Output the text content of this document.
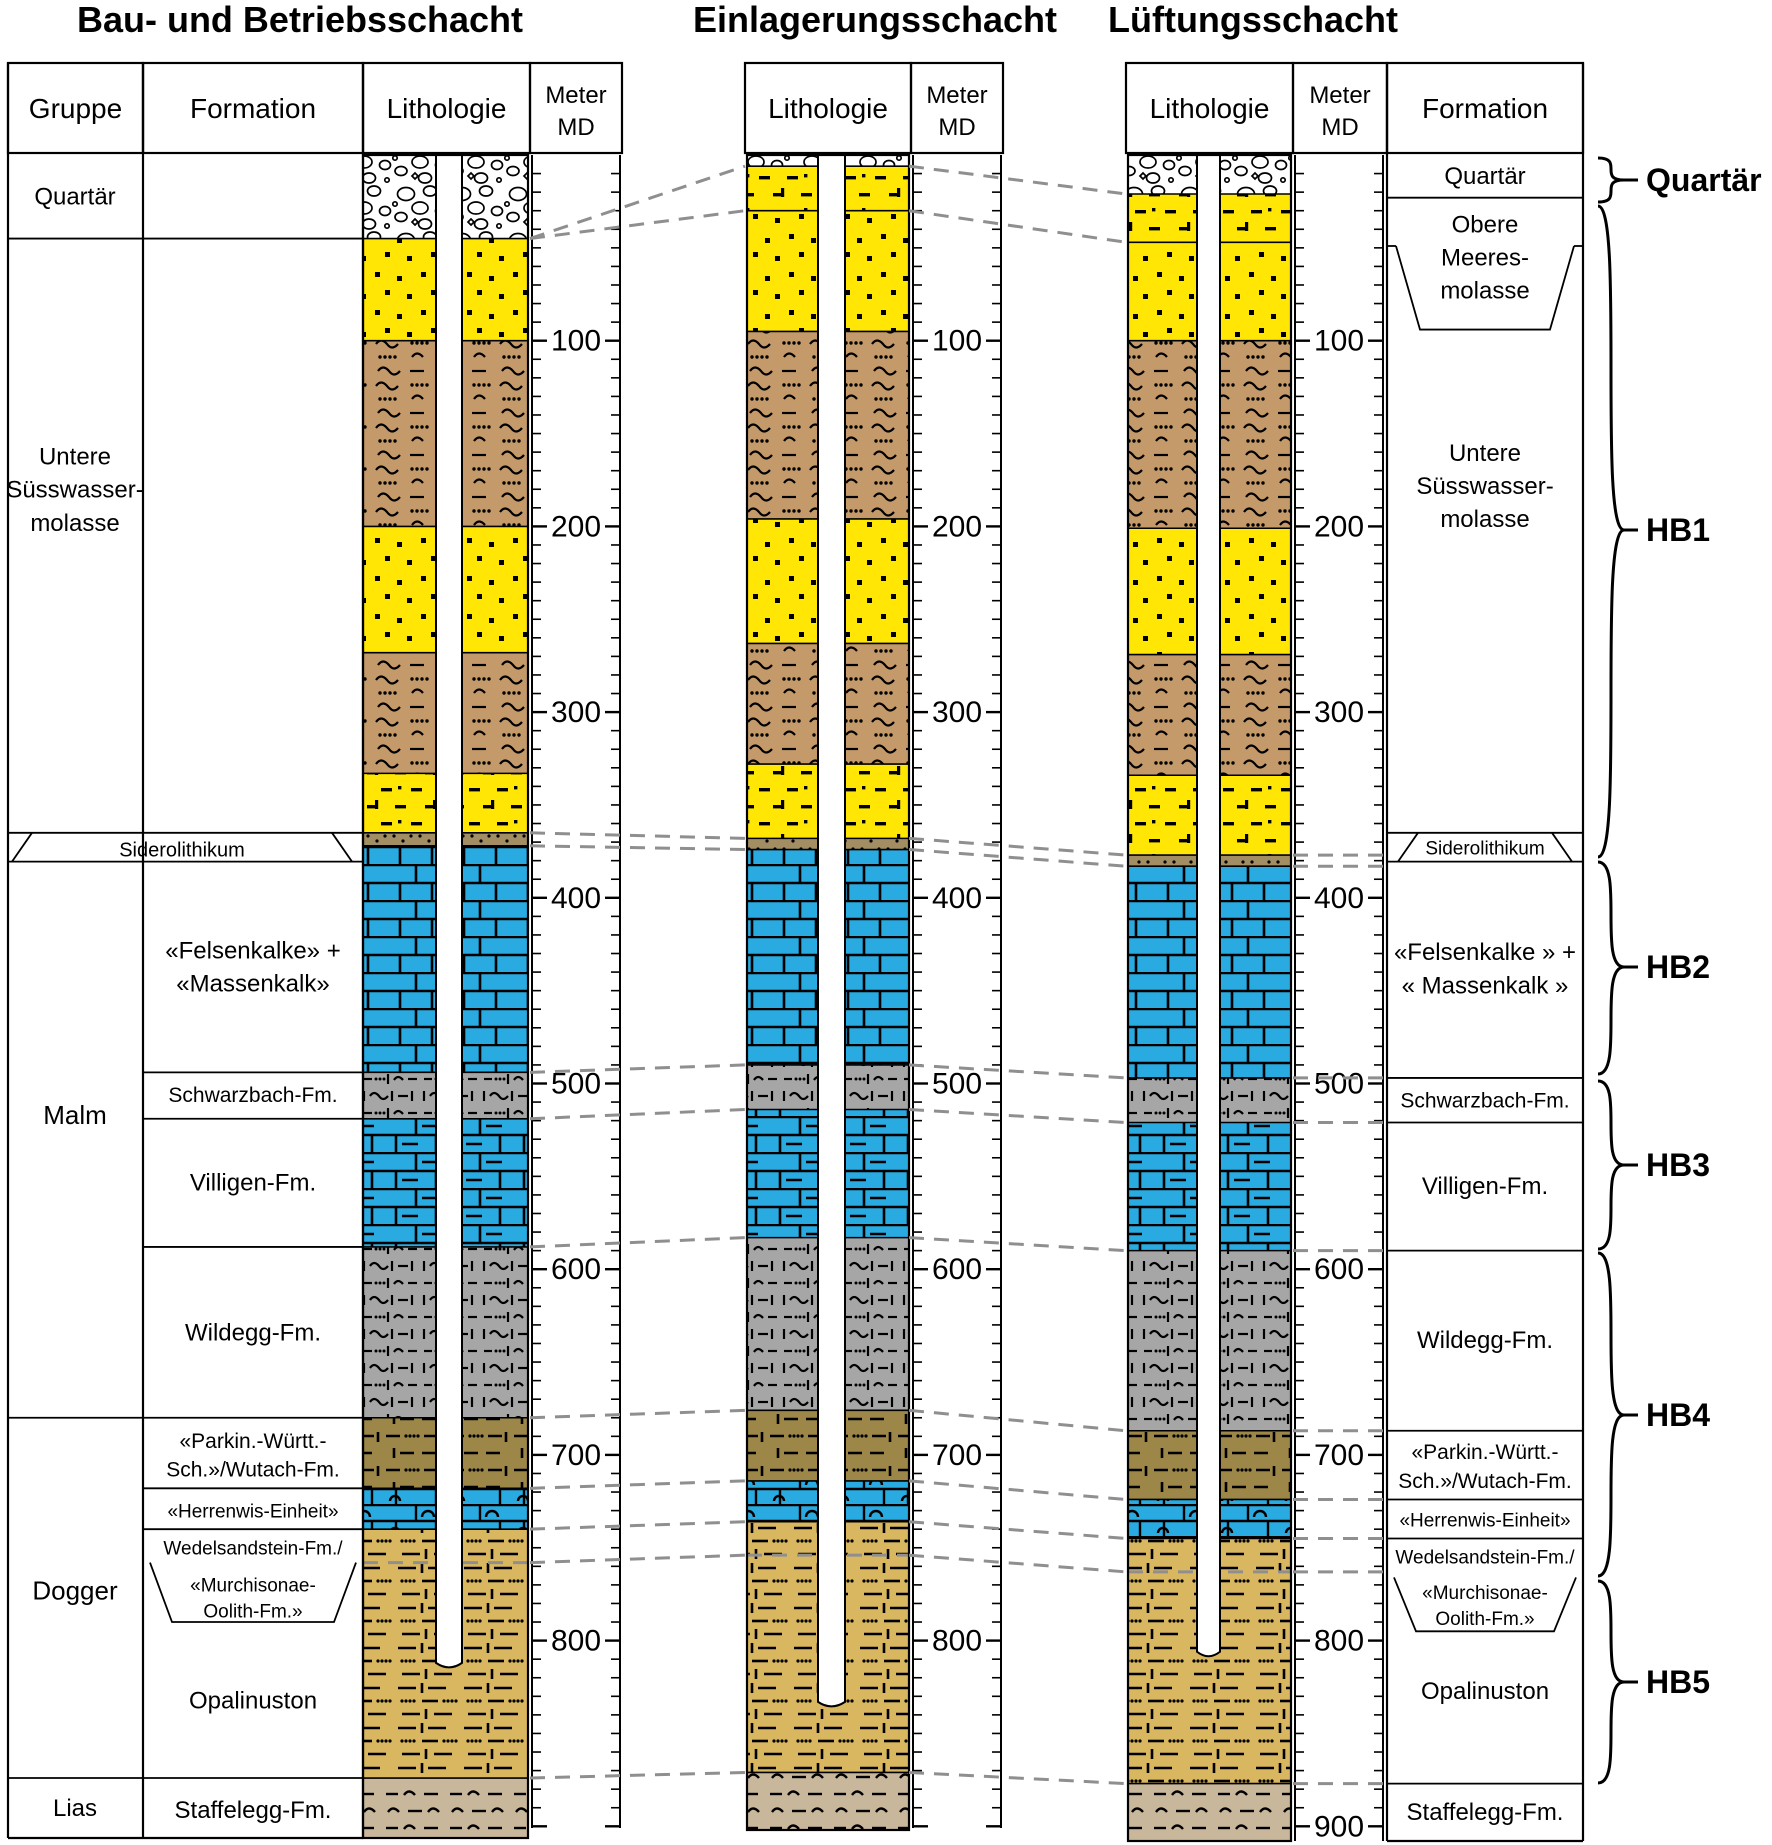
Bau- und Betriebsschacht	Einlagerungsschacht Lüftungsschacht
Gruppe Formation	Lithologie Meter
MD
Lithologie Meter
MD
Lithologie Meter
MD
Formation
100
200
300
400
500
600
700
800
100
200
300
400
500
600
700
800
100
200
300
400
500
600
700
800
900
Quartär
Untere
Süsswasser-
molasse
Siderolithikum
Malm
Dogger
Lias
«Felsenkalke» +
«Massenkalk»
Schwarzbach-Fm.
Villigen-Fm.
Wildegg-Fm.
«Parkin.-Württ.-
Sch.»/Wutach-Fm.
«Herrenwis-Einheit»
Wedelsandstein-Fm./
«Murchisonae-
Oolith-Fm.»
Opalinuston
Staffelegg-Fm.
Quartär
Obere
Meeres-
molasse
Untere
Süsswasser-
molasse
Siderolithikum
«Felsenkalke » +
« Massenkalk »
Schwarzbach-Fm.
Villigen-Fm.
Wildegg-Fm.
«Parkin.-Württ.-
Sch.»/Wutach-Fm.
«Herrenwis-Einheit»
Wedelsandstein-Fm./
«Murchisonae-
Oolith-Fm.»
Opalinuston
Staffelegg-Fm.
Quartär
HB1
HB2
HB3
HB4
HB5
